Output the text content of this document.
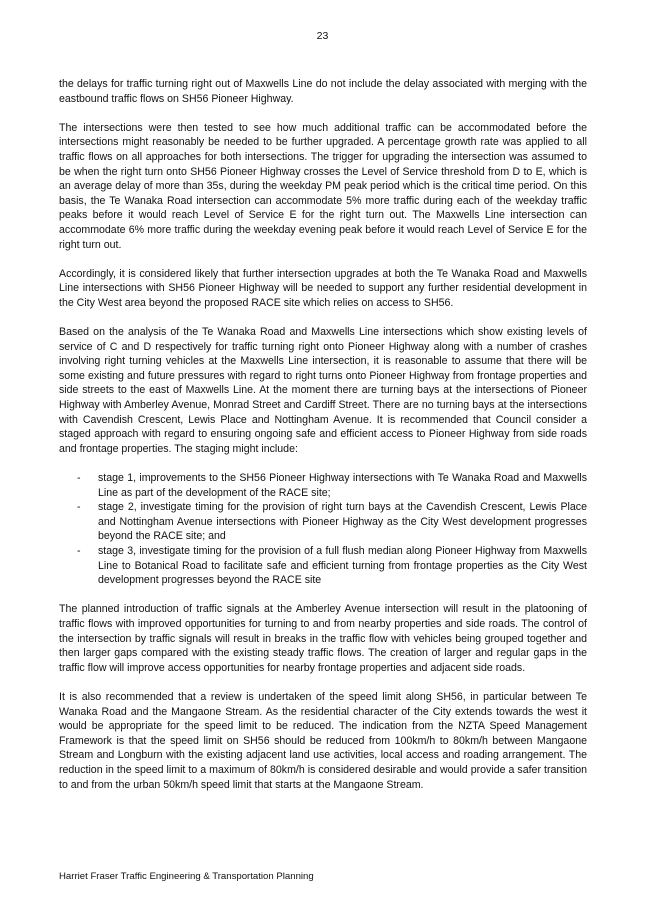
23

the delays for traffic turning right out of Maxwells Line do not include the delay associated with merging with the eastbound traffic flows on SH56 Pioneer Highway.

The intersections were then tested to see how much additional traffic can be accommodated before the intersections might reasonably be needed to be further upgraded. A percentage growth rate was applied to all traffic flows on all approaches for both intersections. The trigger for upgrading the intersection was assumed to be when the right turn onto SH56 Pioneer Highway crosses the Level of Service threshold from D to E, which is an average delay of more than 35s, during the weekday PM peak period which is the critical time period. On this basis, the Te Wanaka Road intersection can accommodate 5% more traffic during each of the weekday traffic peaks before it would reach Level of Service E for the right turn out. The Maxwells Line intersection can accommodate 6% more traffic during the weekday evening peak before it would reach Level of Service E for the right turn out.

Accordingly, it is considered likely that further intersection upgrades at both the Te Wanaka Road and Maxwells Line intersections with SH56 Pioneer Highway will be needed to support any further residential development in the City West area beyond the proposed RACE site which relies on access to SH56.

Based on the analysis of the Te Wanaka Road and Maxwells Line intersections which show existing levels of service of C and D respectively for traffic turning right onto Pioneer Highway along with a number of crashes involving right turning vehicles at the Maxwells Line intersection, it is reasonable to assume that there will be some existing and future pressures with regard to right turns onto Pioneer Highway from frontage properties and side streets to the east of Maxwells Line. At the moment there are turning bays at the intersections of Pioneer Highway with Amberley Avenue, Monrad Street and Cardiff Street. There are no turning bays at the intersections with Cavendish Crescent, Lewis Place and Nottingham Avenue. It is recommended that Council consider a staged approach with regard to ensuring ongoing safe and efficient access to Pioneer Highway from side roads and frontage properties. The staging might include:

- stage 1, improvements to the SH56 Pioneer Highway intersections with Te Wanaka Road and Maxwells Line as part of the development of the RACE site;
- stage 2, investigate timing for the provision of right turn bays at the Cavendish Crescent, Lewis Place and Nottingham Avenue intersections with Pioneer Highway as the City West development progresses beyond the RACE site; and
- stage 3, investigate timing for the provision of a full flush median along Pioneer Highway from Maxwells Line to Botanical Road to facilitate safe and efficient turning from frontage properties as the City West development progresses beyond the RACE site

The planned introduction of traffic signals at the Amberley Avenue intersection will result in the platooning of traffic flows with improved opportunities for turning to and from nearby properties and side roads. The control of the intersection by traffic signals will result in breaks in the traffic flow with vehicles being grouped together and then larger gaps compared with the existing steady traffic flows. The creation of larger and regular gaps in the traffic flow will improve access opportunities for nearby frontage properties and adjacent side roads.

It is also recommended that a review is undertaken of the speed limit along SH56, in particular between Te Wanaka Road and the Mangaone Stream. As the residential character of the City extends towards the west it would be appropriate for the speed limit to be reduced. The indication from the NZTA Speed Management Framework is that the speed limit on SH56 should be reduced from 100km/h to 80km/h between Mangaone Stream and Longburn with the existing adjacent land use activities, local access and roading arrangement. The reduction in the speed limit to a maximum of 80km/h is considered desirable and would provide a safer transition to and from the urban 50km/h speed limit that starts at the Mangaone Stream.

Harriet Fraser Traffic Engineering & Transportation Planning
